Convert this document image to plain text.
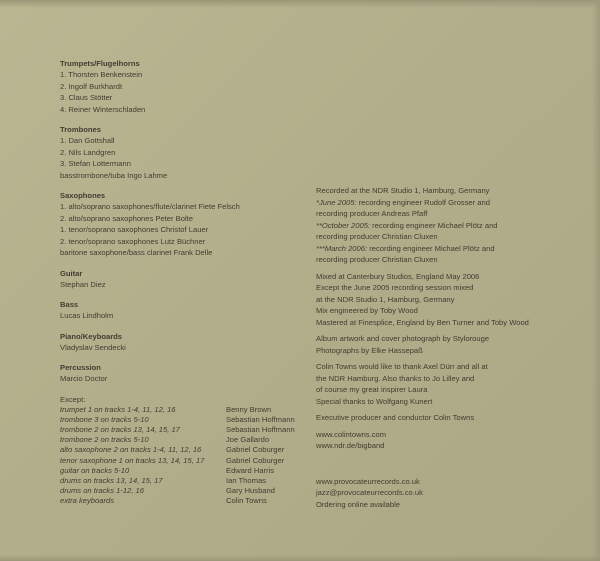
Trumpets/Flugelhorns
1. Thorsten Benkenstein
2. Ingolf Burkhardt
3. Claus Stötter
4. Reiner Winterschladen
Trombones
1. Dan Gottshall
2. Nils Landgren
3. Stefan Lottermann
basstrombone/tuba Ingo Lahme
Saxophones
1. alto/soprano saxophones/flute/clarinet Fiete Felsch
2. alto/soprano saxophones Peter Bolte
1. tenor/soprano saxophones Christof Lauer
2. tenor/soprano saxophones Lutz Büchner
baritone saxophone/bass clarinet Frank Delle
Guitar
Stephan Diez
Bass
Lucas Lindholm
Piano/Keyboards
Vladyslav Sendecki
Percussion
Marcio Doctor
Except:
trumpet 1 on tracks 1-4, 11, 12, 16	Benny Brown
trombone 3 on tracks 5-10	Sebastian Hoffmann
trombone 2 on tracks 13, 14, 15, 17	Sebastian Hoffmann
trombone 2 on tracks 5-10	Joe Gallardo
alto saxophone 2 on tracks 1-4, 11, 12, 16	Gabriel Coburger
tenor saxophone 1 on tracks 13, 14, 15, 17	Gabriel Coburger
guitar on tracks 5-10	Edward Harris
drums on tracks 13, 14, 15, 17	Ian Thomas
drums on tracks 1-12, 16	Gary Husband
extra keyboards	Colin Towns
Recorded at the NDR Studio 1, Hamburg, Germany
*June 2005: recording engineer Rudolf Grosser and
recording producer Andreas Pfaff
**October 2005: recording engineer Michael Plötz and
recording producer Christian Cluxen
***March 2006: recording engineer Michael Plötz and
recording producer Christian Cluxen
Mixed at Canterbury Studios, England May 2006
Except the June 2005 recording session mixed
at the NDR Studio 1, Hamburg, Germany
Mix engineered by Toby Wood
Mastered at Finesplice, England by Ben Turner and Toby Wood
Album artwork and cover photograph by Stylorouge
Photographs by Elke Hassepaß
Colin Towns would like to thank Axel Dürr and all at
the NDR Hamburg. Also thanks to Jo Lilley and
of course my great inspirer Laura
Special thanks to Wolfgang Kunert
Executive producer and conductor Colin Towns
www.colintowns.com
www.ndr.de/bigband
www.provocateurrecords.co.uk
jazz@provocateurrecords.co.uk
Ordering online available
